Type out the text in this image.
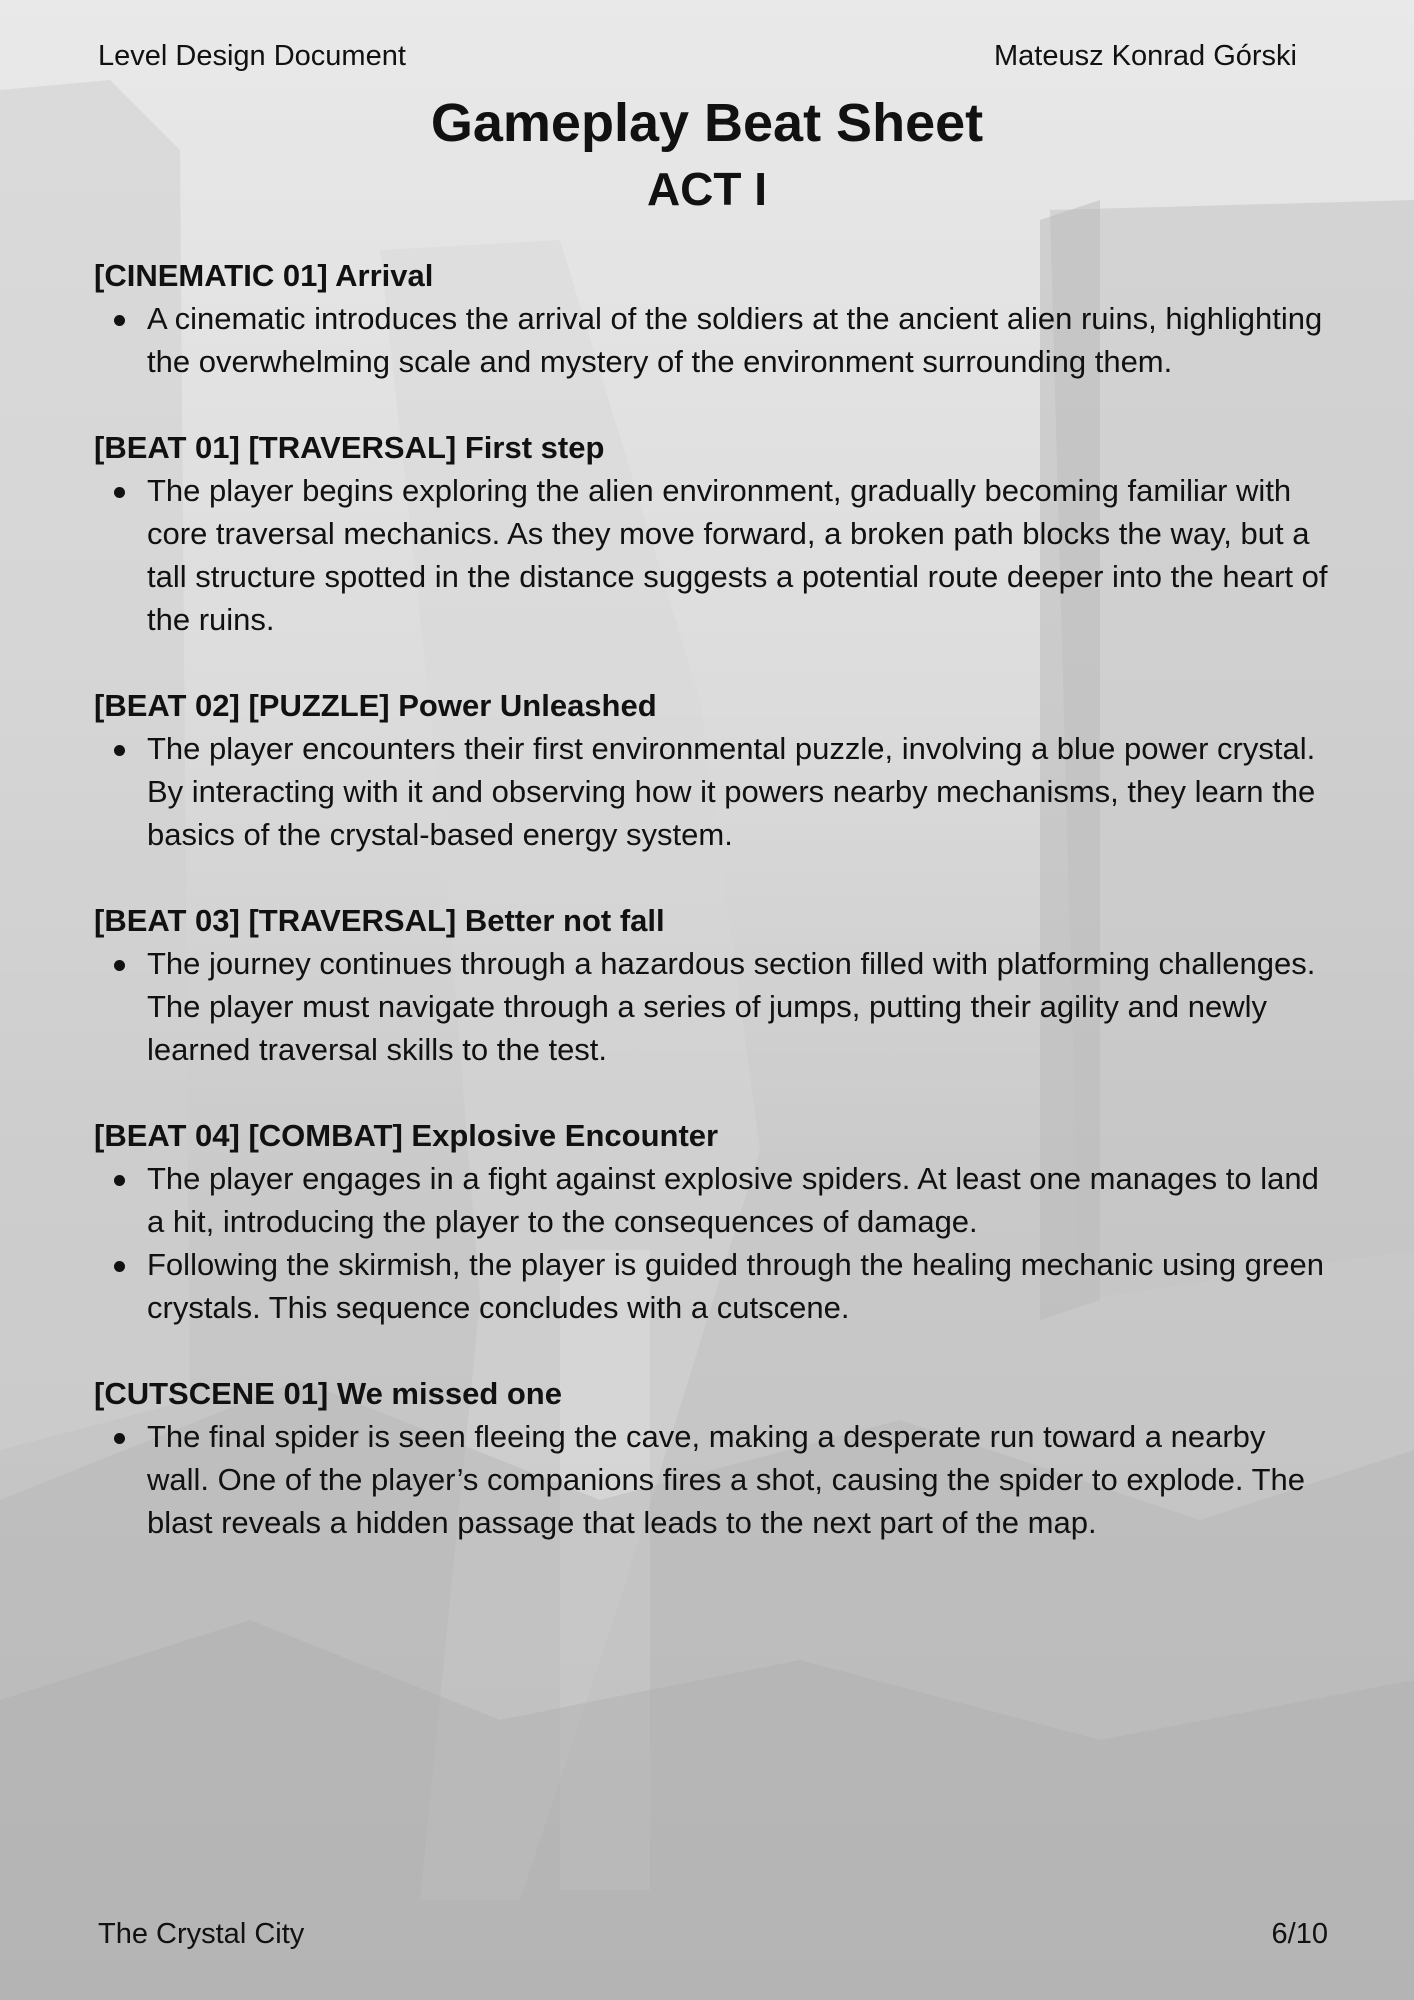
Level Design Document	Mateusz Konrad Górski
Gameplay Beat Sheet
ACT I
[CINEMATIC 01] Arrival
A cinematic introduces the arrival of the soldiers at the ancient alien ruins, highlighting the overwhelming scale and mystery of the environment surrounding them.
[BEAT 01] [TRAVERSAL] First step
The player begins exploring the alien environment, gradually becoming familiar with core traversal mechanics. As they move forward, a broken path blocks the way, but a tall structure spotted in the distance suggests a potential route deeper into the heart of the ruins.
[BEAT 02] [PUZZLE] Power Unleashed
The player encounters their first environmental puzzle, involving a blue power crystal. By interacting with it and observing how it powers nearby mechanisms, they learn the basics of the crystal-based energy system.
[BEAT 03] [TRAVERSAL] Better not fall
The journey continues through a hazardous section filled with platforming challenges. The player must navigate through a series of jumps, putting their agility and newly learned traversal skills to the test.
[BEAT 04] [COMBAT] Explosive Encounter
The player engages in a fight against explosive spiders. At least one manages to land a hit, introducing the player to the consequences of damage.
Following the skirmish, the player is guided through the healing mechanic using green crystals. This sequence concludes with a cutscene.
[CUTSCENE 01] We missed one
The final spider is seen fleeing the cave, making a desperate run toward a nearby wall. One of the player’s companions fires a shot, causing the spider to explode. The blast reveals a hidden passage that leads to the next part of the map.
The Crystal City	6/10
